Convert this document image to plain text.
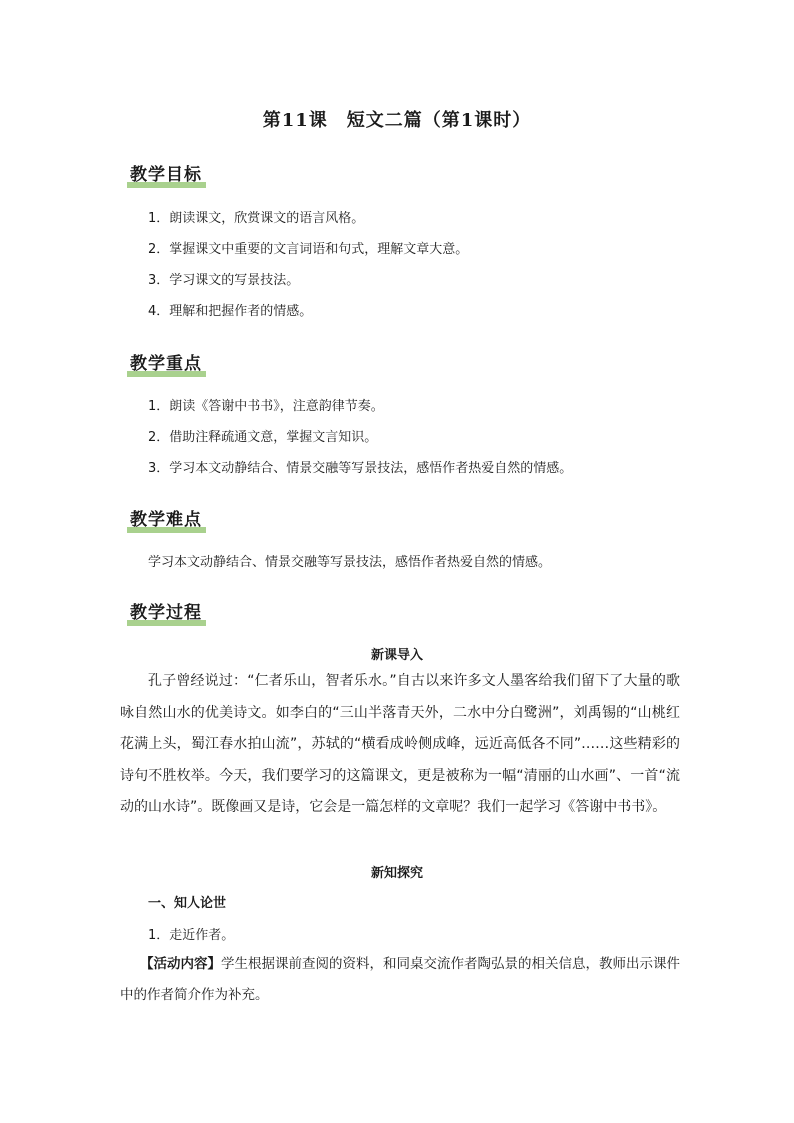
第11课　短文二篇（第1课时）
教学目标
1．朗读课文，欣赏课文的语言风格。
2．掌握课文中重要的文言词语和句式，理解文章大意。
3．学习课文的写景技法。
4．理解和把握作者的情感。
教学重点
1．朗读《答谢中书书》，注意韵律节奏。
2．借助注释疏通文意，掌握文言知识。
3．学习本文动静结合、情景交融等写景技法，感悟作者热爱自然的情感。
教学难点
学习本文动静结合、情景交融等写景技法，感悟作者热爱自然的情感。
教学过程
新课导入
孔子曾经说过：“仁者乐山，智者乐水。”自古以来许多文人墨客给我们留下了大量的歌咏自然山水的优美诗文。如李白的“三山半落青天外，二水中分白鹭洲”，刘禹锡的“山桃红花满上头，蜀江春水拍山流”，苏轼的“横看成岭侧成峰，远近高低各不同”……这些精彩的诗句不胜枚举。今天，我们要学习的这篇课文，更是被称为一幅“清丽的山水画”、一首“流动的山水诗”。既像画又是诗，它会是一篇怎样的文章呢？我们一起学习《答谢中书书》。
新知探究
一、知人论世
1．走近作者。
【活动内容】学生根据课前查阅的资料，和同桌交流作者陶弘景的相关信息，教师出示课件中的作者简介作为补充。
